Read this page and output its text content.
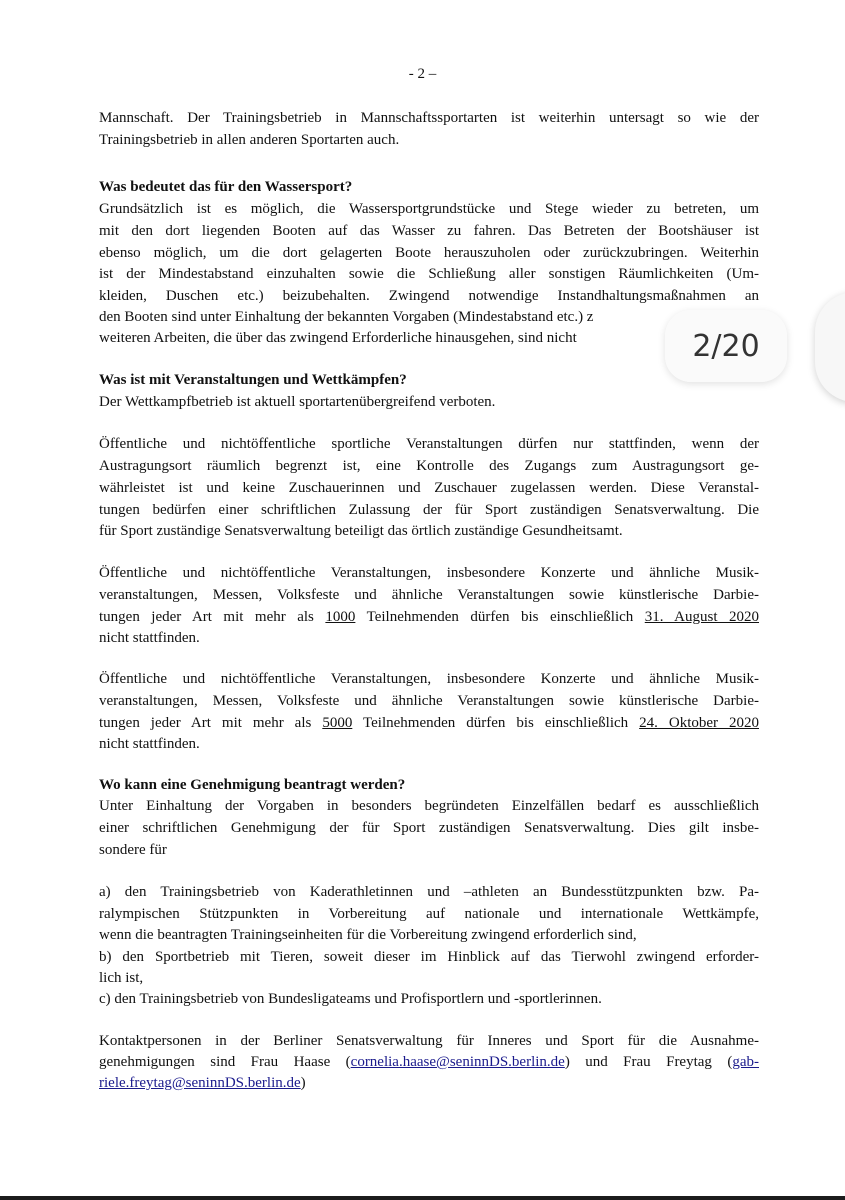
- 2 –
Mannschaft. Der Trainingsbetrieb in Mannschaftssportarten ist weiterhin untersagt so wie der
Trainingsbetrieb in allen anderen Sportarten auch.
Was bedeutet das für den Wassersport?
Grundsätzlich ist es möglich, die Wassersportgrundstücke und Stege wieder zu betreten, um
mit den dort liegenden Booten auf das Wasser zu fahren. Das Betreten der Bootshäuser ist
ebenso möglich, um die dort gelagerten Boote herauszuholen oder zurückzubringen. Weiterhin
ist der Mindestabstand einzuhalten sowie die Schließung aller sonstigen Räumlichkeiten (Um-
kleiden, Duschen etc.) beizubehalten. Zwingend notwendige Instandhaltungsmaßnahmen an
den Booten sind unter Einhaltung der bekannten Vorgaben (Mindestabstand etc.) z
weiteren Arbeiten, die über das zwingend Erforderliche hinausgehen, sind nicht
Was ist mit Veranstaltungen und Wettkämpfen?
Der Wettkampfbetrieb ist aktuell sportartenübergreifend verboten.
Öffentliche und nichtöffentliche sportliche Veranstaltungen dürfen nur stattfinden, wenn der
Austragungsort räumlich begrenzt ist, eine Kontrolle des Zugangs zum Austragungsort ge-
währleistet ist und keine Zuschauerinnen und Zuschauer zugelassen werden. Diese Veranstal-
tungen bedürfen einer schriftlichen Zulassung der für Sport zuständigen Senatsverwaltung. Die
für Sport zuständige Senatsverwaltung beteiligt das örtlich zuständige Gesundheitsamt.
Öffentliche und nichtöffentliche Veranstaltungen, insbesondere Konzerte und ähnliche Musik-
veranstaltungen, Messen, Volksfeste und ähnliche Veranstaltungen sowie künstlerische Darbie-
tungen jeder Art mit mehr als 1000 Teilnehmenden dürfen bis einschließlich 31. August 2020
nicht stattfinden.
Öffentliche und nichtöffentliche Veranstaltungen, insbesondere Konzerte und ähnliche Musik-
veranstaltungen, Messen, Volksfeste und ähnliche Veranstaltungen sowie künstlerische Darbie-
tungen jeder Art mit mehr als 5000 Teilnehmenden dürfen bis einschließlich 24. Oktober 2020
nicht stattfinden.
Wo kann eine Genehmigung beantragt werden?
Unter Einhaltung der Vorgaben in besonders begründeten Einzelfällen bedarf es ausschließlich
einer schriftlichen Genehmigung der für Sport zuständigen Senatsverwaltung. Dies gilt insbe-
sondere für
a) den Trainingsbetrieb von Kaderathletinnen und –athleten an Bundesstützpunkten bzw. Pa-
ralympischen Stützpunkten in Vorbereitung auf nationale und internationale Wettkämpfe,
wenn die beantragten Trainingseinheiten für die Vorbereitung zwingend erforderlich sind,
b) den Sportbetrieb mit Tieren, soweit dieser im Hinblick auf das Tierwohl zwingend erforder-
lich ist,
c) den Trainingsbetrieb von Bundesligateams und Profisportlern und -sportlerinnen.
Kontaktpersonen in der Berliner Senatsverwaltung für Inneres und Sport für die Ausnahme-
genehmigungen sind Frau Haase (cornelia.haase@seninnDS.berlin.de) und Frau Freytag (gab-
riele.freytag@seninnDS.berlin.de)
2/20
